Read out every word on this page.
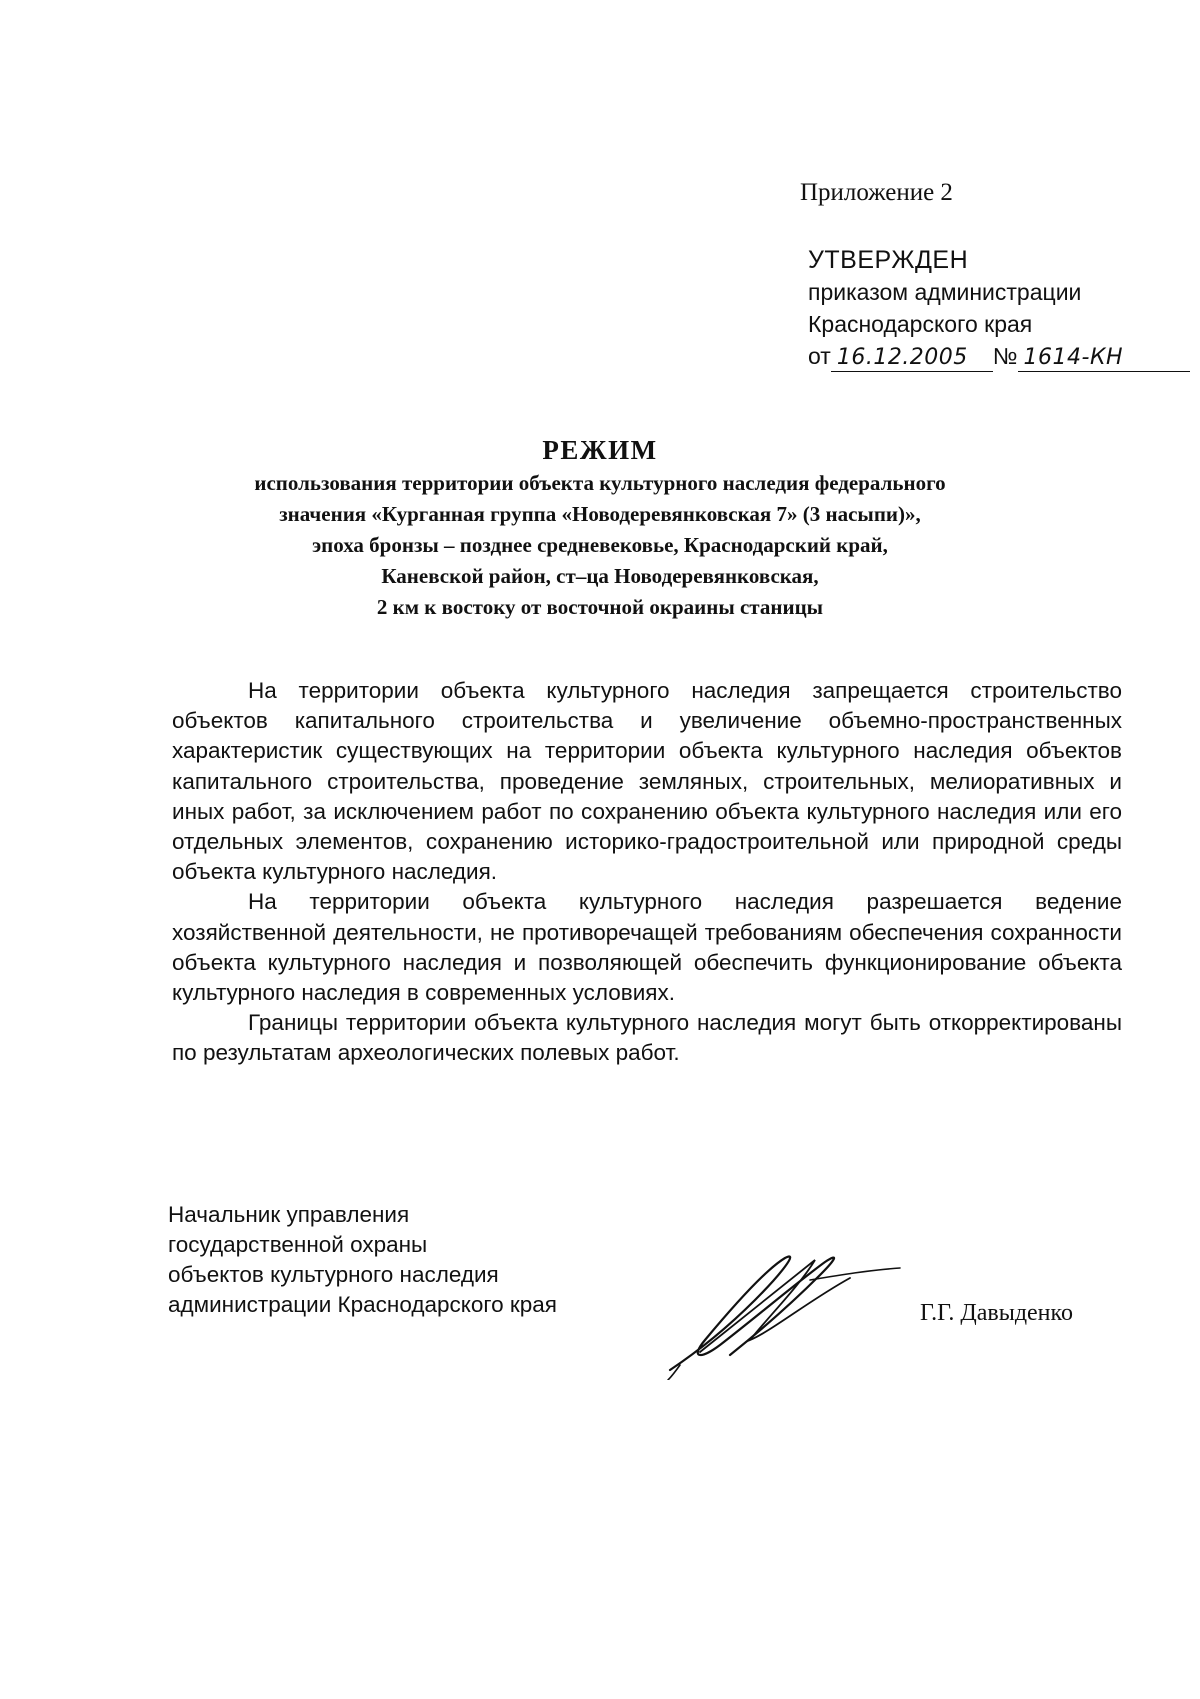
Приложение 2
УТВЕРЖДЕН
приказом администрации
Краснодарского края
от 16.12.2005	№ 1614-КН
РЕЖИМ
использования территории объекта культурного наследия федерального
значения «Курганная группа «Новодеревянковская 7» (3 насыпи)»,
эпоха бронзы – позднее средневековье, Краснодарский край,
Каневской район, ст–ца Новодеревянковская,
2 км к востоку от восточной окраины станицы

На территории объекта культурного наследия запрещается строительство объектов капитального строительства и увеличение объемно-пространственных характеристик существующих на территории объекта культурного наследия объектов капитального строительства, проведение земляных, строительных, мелиоративных и иных работ, за исключением работ по сохранению объекта культурного наследия или его отдельных элементов, сохранению историко-градостроительной или природной среды объекта культурного наследия.

На территории объекта культурного наследия разрешается ведение хозяйственной деятельности, не противоречащей требованиям обеспечения сохранности объекта культурного наследия и позволяющей обеспечить функционирование объекта культурного наследия в современных условиях.

Границы территории объекта культурного наследия могут быть откорректированы по результатам археологических полевых работ.

Начальник управления
государственной охраны
объектов культурного наследия
администрации Краснодарского края	Г.Г. Давыденко
